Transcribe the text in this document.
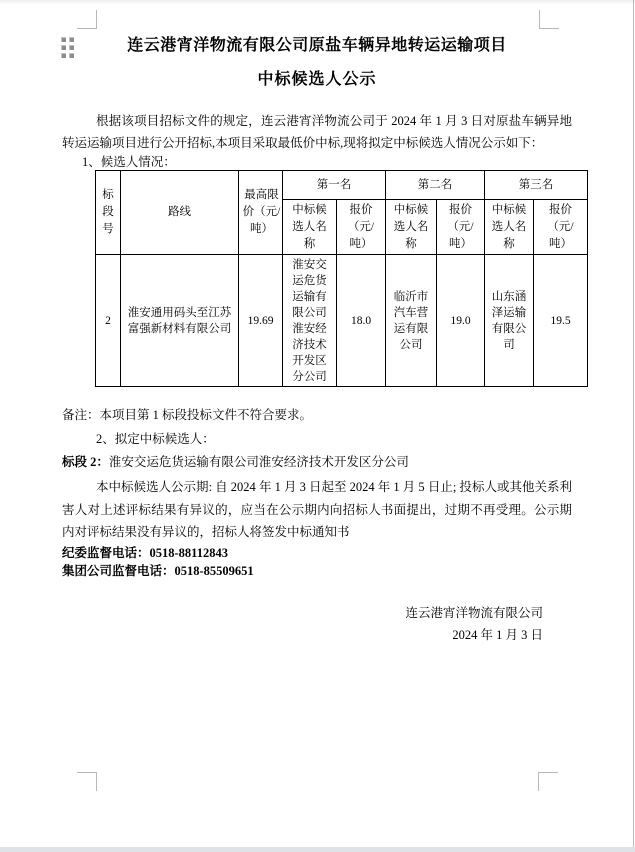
连云港宵洋物流有限公司原盐车辆异地转运运输项目
中标候选人公示

根据该项目招标文件的规定，连云港宵洋物流公司于 2024 年 1 月 3 日对原盐车辆异地转运运输项目进行公开招标,本项目采取最低价中标,现将拟定中标候选人情况公示如下：

1、候选人情况：

标段号	路线	最高限价（元/吨）	第一名		第二名		第三名	
			中标候选人名称	报价（元/吨）	中标候选人名称	报价（元/吨）	中标候选人名称	报价（元/吨）
2	淮安通用码头至江苏富强新材料有限公司	19.69	淮安交运危货运输有限公司淮安经济技术开发区分公司	18.0	临沂市汽车营运有限公司	19.0	山东涵泽运输有限公司	19.5

备注：本项目第 1 标段投标文件不符合要求。

2、拟定中标候选人：

标段 2：淮安交运危货运输有限公司淮安经济技术开发区分公司

本中标候选人公示期: 自 2024 年 1 月 3 日起至 2024 年 1 月 5 日止; 投标人或其他关系利害人对上述评标结果有异议的，应当在公示期内向招标人书面提出，过期不再受理。公示期内对评标结果没有异议的，招标人将签发中标通知书

纪委监督电话：0518-88112843

集团公司监督电话：0518-85509651

连云港宵洋物流有限公司

2024 年 1 月 3 日
